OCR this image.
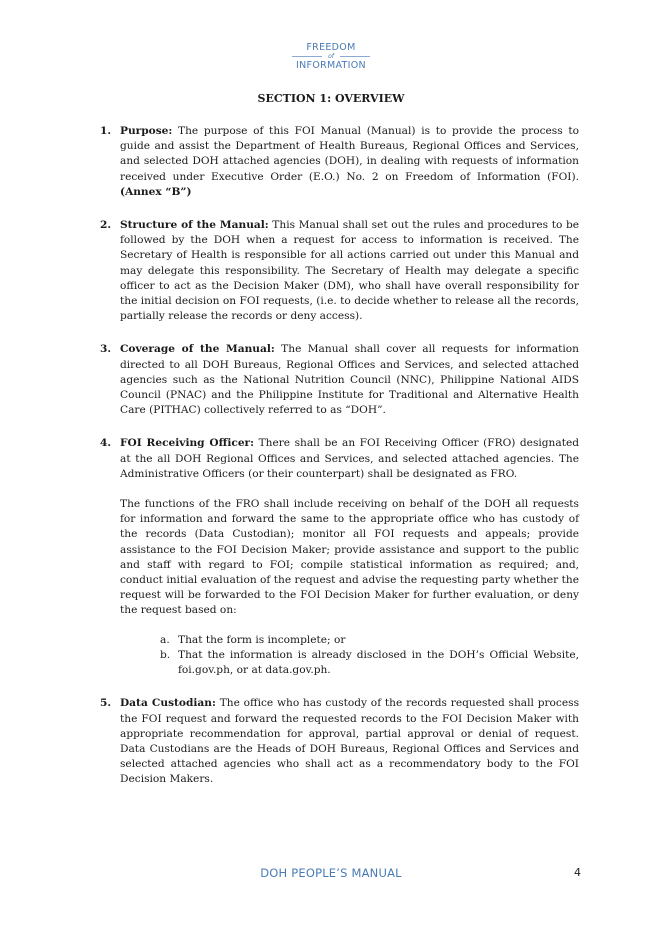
FREEDOM
of
INFORMATION
SECTION 1: OVERVIEW
1. Purpose: The purpose of this FOI Manual (Manual) is to provide the process to guide and assist the Department of Health Bureaus, Regional Offices and Services, and selected DOH attached agencies (DOH), in dealing with requests of information received under Executive Order (E.O.) No. 2 on Freedom of Information (FOI). (Annex “B”)

2. Structure of the Manual: This Manual shall set out the rules and procedures to be followed by the DOH when a request for access to information is received. The Secretary of Health is responsible for all actions carried out under this Manual and may delegate this responsibility. The Secretary of Health may delegate a specific officer to act as the Decision Maker (DM), who shall have overall responsibility for the initial decision on FOI requests, (i.e. to decide whether to release all the records, partially release the records or deny access).

3. Coverage of the Manual: The Manual shall cover all requests for information directed to all DOH Bureaus, Regional Offices and Services, and selected attached agencies such as the National Nutrition Council (NNC), Philippine National AIDS Council (PNAC) and the Philippine Institute for Traditional and Alternative Health Care (PITHAC) collectively referred to as “DOH”.

4. FOI Receiving Officer: There shall be an FOI Receiving Officer (FRO) designated at the all DOH Regional Offices and Services, and selected attached agencies. The Administrative Officers (or their counterpart) shall be designated as FRO.

The functions of the FRO shall include receiving on behalf of the DOH all requests for information and forward the same to the appropriate office who has custody of the records (Data Custodian); monitor all FOI requests and appeals; provide assistance to the FOI Decision Maker; provide assistance and support to the public and staff with regard to FOI; compile statistical information as required; and, conduct initial evaluation of the request and advise the requesting party whether the request will be forwarded to the FOI Decision Maker for further evaluation, or deny the request based on:

a. That the form is incomplete; or
b. That the information is already disclosed in the DOH’s Official Website, foi.gov.ph, or at data.gov.ph.
5. Data Custodian: The office who has custody of the records requested shall process the FOI request and forward the requested records to the FOI Decision Maker with appropriate recommendation for approval, partial approval or denial of request. Data Custodians are the Heads of DOH Bureaus, Regional Offices and Services and selected attached agencies who shall act as a recommendatory body to the FOI Decision Makers.

DOH PEOPLE’S MANUAL	4
